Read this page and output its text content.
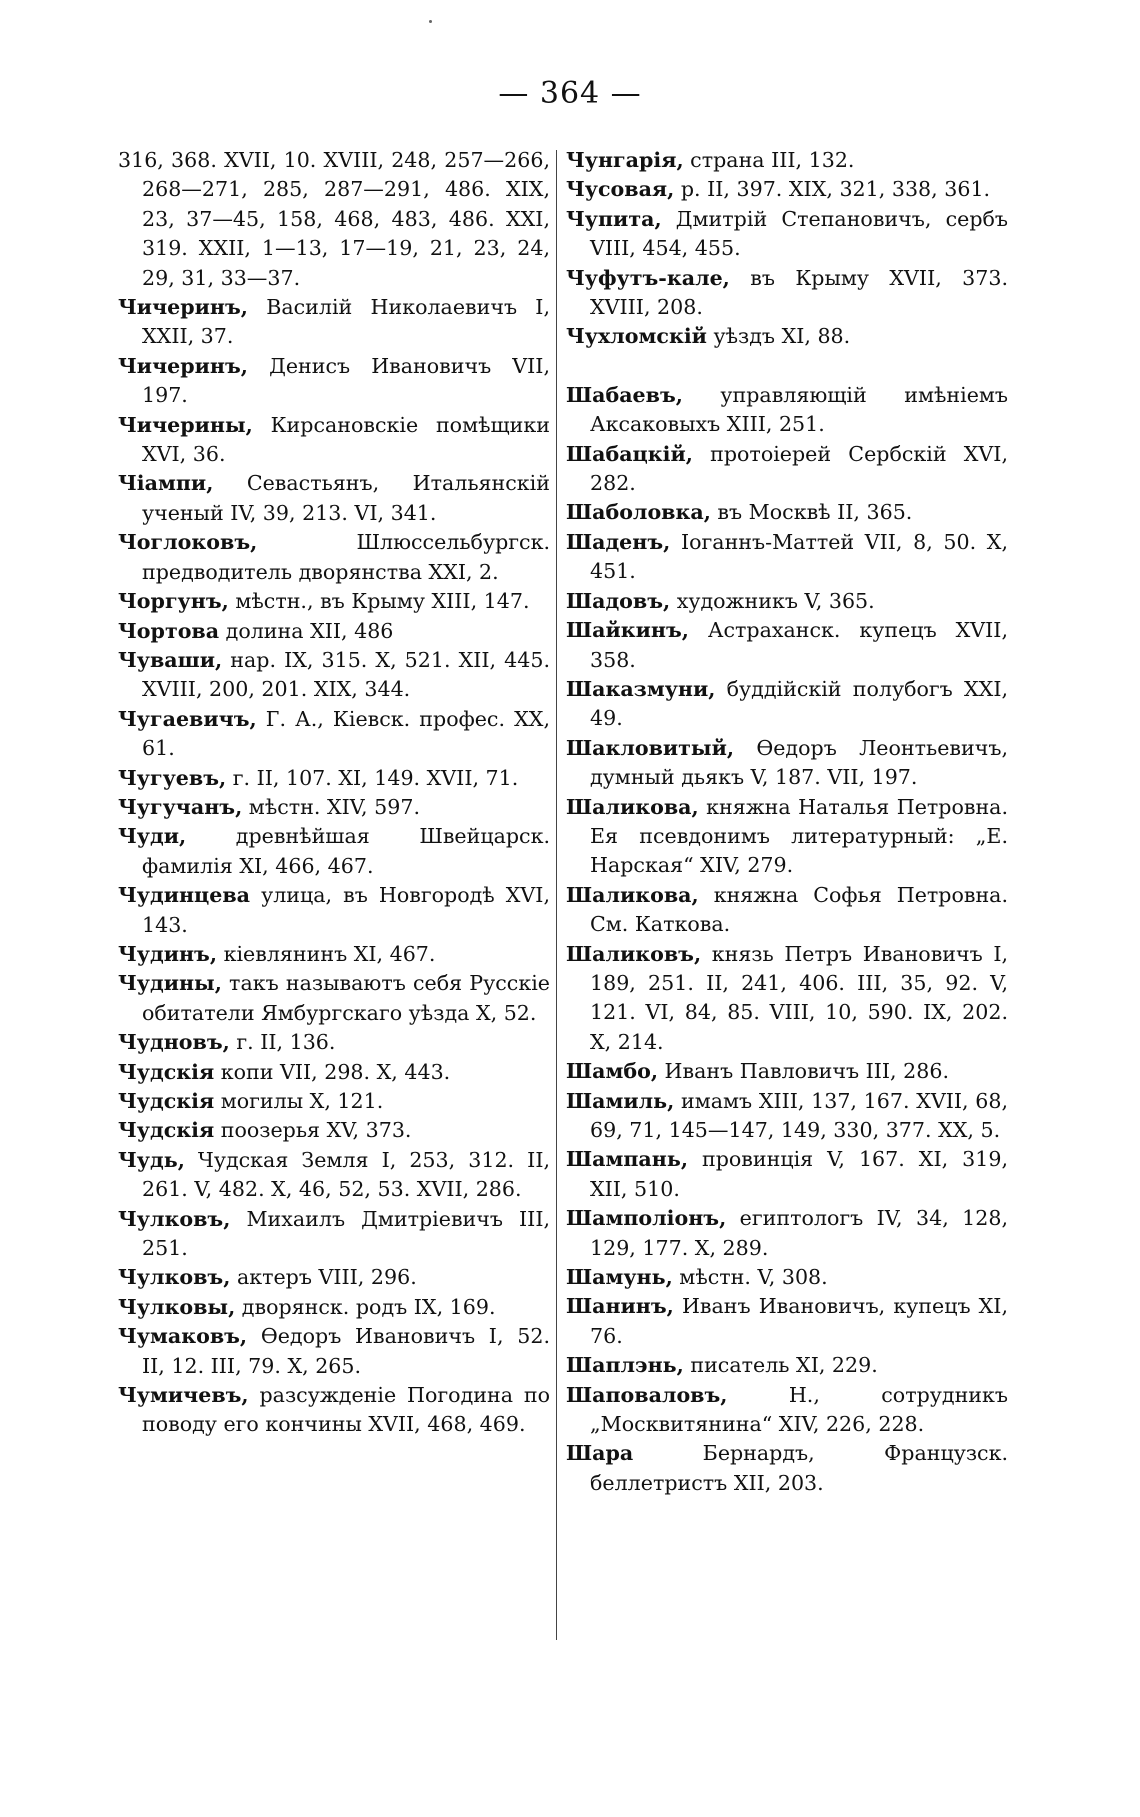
— 364 —

316, 368. XVII, 10. XVIII, 248, 257—266, 268—271, 285, 287—291, 486. XIX, 23, 37—45, 158, 468, 483, 486. XXI, 319. XXII, 1—13, 17—19, 21, 23, 24, 29, 31, 33—37.

Чичеринъ, Василій Николаевичъ I, XXII, 37.

Чичеринъ, Денисъ Ивановичъ VII, 197.

Чичерины, Кирсановскіе помѣщики XVI, 36.

Чіампи, Севастьянъ, Итальянскій ученый IV, 39, 213. VI, 341.

Чоглоковъ, Шлюссельбургск. предводитель дворянства XXI, 2.

Чоргунъ, мѣстн., въ Крыму XIII, 147.

Чортова долина XII, 486

Чуваши, нар. IX, 315. X, 521. XII, 445. XVIII, 200, 201. XIX, 344.

Чугаевичъ, Г. А., Кіевск. профес. XX, 61.

Чугуевъ, г. II, 107. XI, 149. XVII, 71.

Чугучанъ, мѣстн. XIV, 597.

Чуди, древнѣйшая Швейцарск. фамилія XI, 466, 467.

Чудинцева улица, въ Новгородѣ XVI, 143.

Чудинъ, кіевлянинъ XI, 467.

Чудины, такъ называютъ себя Русскіе обитатели Ямбургскаго уѣзда X, 52.

Чудновъ, г. II, 136.

Чудскія копи VII, 298. X, 443.

Чудскія могилы X, 121.

Чудскія поозерья XV, 373.

Чудь, Чудская Земля I, 253, 312. II, 261. V, 482. X, 46, 52, 53. XVII, 286.

Чулковъ, Михаилъ Дмитріевичъ III, 251.

Чулковъ, актеръ VIII, 296.

Чулковы, дворянск. родъ IX, 169.

Чумаковъ, Ѳедоръ Ивановичъ I, 52. II, 12. III, 79. X, 265.

Чумичевъ, разсужденіе Погодина по поводу его кончины XVII, 468, 469.

Чунгарія, страна III, 132.

Чусовая, р. II, 397. XIX, 321, 338, 361.

Чупита, Дмитрій Степановичъ, сербъ VIII, 454, 455.

Чуфутъ-кале, въ Крыму XVII, 373. XVIII, 208.

Чухломскій уѣздъ XI, 88.

Шабаевъ, управляющій имѣніемъ Аксаковыхъ XIII, 251.

Шабацкій, протоіерей Сербскій XVI, 282.

Шаболовка, въ Москвѣ II, 365.

Шаденъ, Іоганнъ-Маттей VII, 8, 50. X, 451.

Шадовъ, художникъ V, 365.

Шайкинъ, Астраханск. купецъ XVII, 358.

Шаказмуни, буддійскій полубогъ XXI, 49.

Шакловитый, Ѳедоръ Леонтьевичъ, думный дьякъ V, 187. VII, 197.

Шаликова, княжна Наталья Петровна. Ея псевдонимъ литературный: „Е. Нарская“ XIV, 279.

Шаликова, княжна Софья Петровна. См. Каткова.

Шаликовъ, князь Петръ Ивановичъ I, 189, 251. II, 241, 406. III, 35, 92. V, 121. VI, 84, 85. VIII, 10, 590. IX, 202. X, 214.

Шамбо, Иванъ Павловичъ III, 286.

Шамиль, имамъ XIII, 137, 167. XVII, 68, 69, 71, 145—147, 149, 330, 377. XX, 5.

Шампань, провинція V, 167. XI, 319, XII, 510.

Шамполіонъ, египтологъ IV, 34, 128, 129, 177. X, 289.

Шамунь, мѣстн. V, 308.

Шанинъ, Иванъ Ивановичъ, купецъ XI, 76.

Шаплэнь, писатель XI, 229.

Шаповаловъ, Н., сотрудникъ „Москвитянина“ XIV, 226, 228.

Шара Бернардъ, Французск. беллетристъ XII, 203.
